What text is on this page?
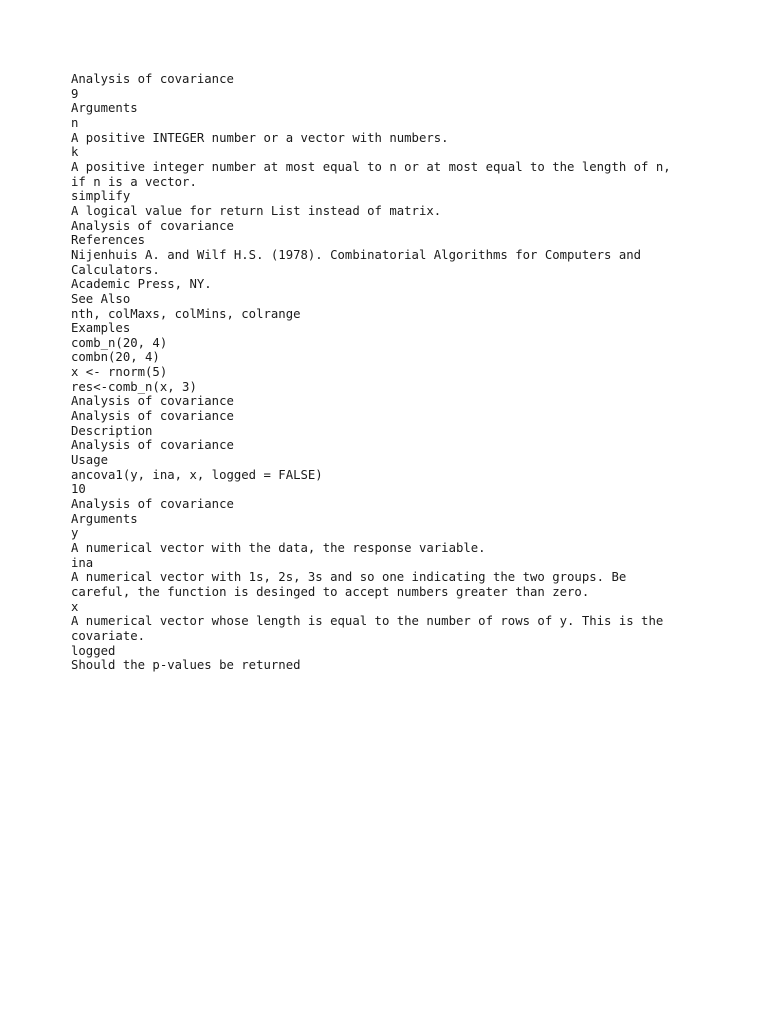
Analysis of covariance

9

Arguments

n

A positive INTEGER number or a vector with numbers.

k

A positive integer number at most equal to n or at most equal to the length of n,
if n is a vector.

simplify

A logical value for return List instead of matrix.

Analysis of covariance

References

Nijenhuis A. and Wilf H.S. (1978). Combinatorial Algorithms for Computers and
Calculators.

Academic Press, NY.

See Also

nth, colMaxs, colMins, colrange

Examples

comb_n(20, 4)

combn(20, 4)

x <- rnorm(5)

res<-comb_n(x, 3)

Analysis of covariance

Analysis of covariance

Description

Analysis of covariance

Usage

ancova1(y, ina, x, logged = FALSE)

10

Analysis of covariance

Arguments

y

A numerical vector with the data, the response variable.

ina

A numerical vector with 1s, 2s, 3s and so one indicating the two groups. Be
careful, the function is desinged to accept numbers greater than zero.

x

A numerical vector whose length is equal to the number of rows of y. This is the
covariate.

logged

Should the p-values be returned
